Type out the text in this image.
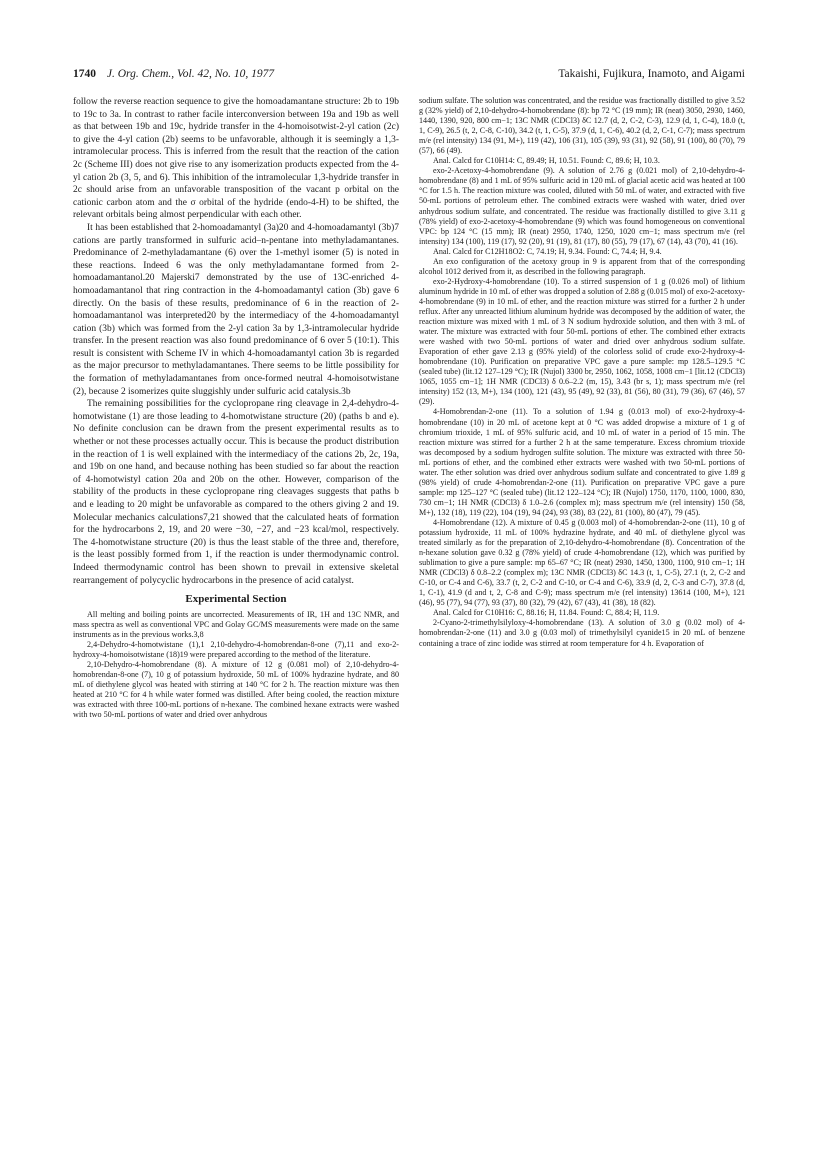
1740 J. Org. Chem., Vol. 42, No. 10, 1977	Takaishi, Fujikura, Inamoto, and Aigami

follow the reverse reaction sequence to give the homoadamantane structure: 2b to 19b to 19c to 3a. In contrast to rather facile interconversion between 19a and 19b as well as that between 19b and 19c, hydride transfer in the 4-homoisotwist-2-yl cation (2c) to give the 4-yl cation (2b) seems to be unfavorable, although it is seemingly a 1,3-intramolecular process. This is inferred from the result that the reaction of the cation 2c (Scheme III) does not give rise to any isomerization products expected from the 4-yl cation 2b (3, 5, and 6). This inhibition of the intramolecular 1,3-hydride transfer in 2c should arise from an unfavorable transposition of the vacant p orbital on the cationic carbon atom and the σ orbital of the hydride (endo-4-H) to be shifted, the relevant orbitals being almost perpendicular with each other.

It has been established that 2-homoadamantyl (3a)20 and 4-homoadamantyl (3b)7 cations are partly transformed in sulfuric acid–n-pentane into methyladamantanes. Predominance of 2-methyladamantane (6) over the 1-methyl isomer (5) is noted in these reactions. Indeed 6 was the only methyladamantane formed from 2-homoadamantanol.20 Majerski7 demonstrated by the use of 13C-enriched 4-homoadamantanol that ring contraction in the 4-homoadamantyl cation (3b) gave 6 directly. On the basis of these results, predominance of 6 in the reaction of 2-homoadamantanol was interpreted20 by the intermediacy of the 4-homoadamantyl cation (3b) which was formed from the 2-yl cation 3a by 1,3-intramolecular hydride transfer. In the present reaction was also found predominance of 6 over 5 (10:1). This result is consistent with Scheme IV in which 4-homoadamantyl cation 3b is regarded as the major precursor to methyladamantanes. There seems to be little possibility for the formation of methyladamantanes from once-formed neutral 4-homoisotwistane (2), because 2 isomerizes quite sluggishly under sulfuric acid catalysis.3b

The remaining possibilities for the cyclopropane ring cleavage in 2,4-dehydro-4-homotwistane (1) are those leading to 4-homotwistane structure (20) (paths b and e). No definite conclusion can be drawn from the present experimental results as to whether or not these processes actually occur. This is because the product distribution in the reaction of 1 is well explained with the intermediacy of the cations 2b, 2c, 19a, and 19b on one hand, and because nothing has been studied so far about the reaction of 4-homotwistyl cation 20a and 20b on the other. However, comparison of the stability of the products in these cyclopropane ring cleavages suggests that paths b and e leading to 20 might be unfavorable as compared to the others giving 2 and 19. Molecular mechanics calculations7,21 showed that the calculated heats of formation for the hydrocarbons 2, 19, and 20 were −30, −27, and −23 kcal/mol, respectively. The 4-homotwistane structure (20) is thus the least stable of the three and, therefore, is the least possibly formed from 1, if the reaction is under thermodynamic control. Indeed thermodynamic control has been shown to prevail in extensive skeletal rearrangement of polycyclic hydrocarbons in the presence of acid catalyst.

Experimental Section

All melting and boiling points are uncorrected. Measurements of IR, 1H and 13C NMR, and mass spectra as well as conventional VPC and Golay GC/MS measurements were made on the same instruments as in the previous works.3,8

2,4-Dehydro-4-homotwistane (1),1 2,10-dehydro-4-homobrendan-8-one (7),11 and exo-2-hydroxy-4-homoisotwistane (18)19 were prepared according to the method of the literature.

2,10-Dehydro-4-homobrendane (8). A mixture of 12 g (0.081 mol) of 2,10-dehydro-4-homobrendan-8-one (7), 10 g of potassium hydroxide, 50 mL of 100% hydrazine hydrate, and 80 mL of diethylene glycol was heated with stirring at 140 °C for 2 h. The reaction mixture was then heated at 210 °C for 4 h while water formed was distilled. After being cooled, the reaction mixture was extracted with three 100-mL portions of n-hexane. The combined hexane extracts were washed with two 50-mL portions of water and dried over anhydrous

sodium sulfate. The solution was concentrated, and the residue was fractionally distilled to give 3.52 g (32% yield) of 2,10-dehydro-4-homobrendane (8): bp 72 °C (19 mm); IR (neat) 3050, 2930, 1460, 1440, 1390, 920, 800 cm−1; 13C NMR (CDCl3) δC 12.7 (d, 2, C-2, C-3), 12.9 (d, 1, C-4), 18.0 (t, 1, C-9), 26.5 (t, 2, C-8, C-10), 34.2 (t, 1, C-5), 37.9 (d, 1, C-6), 40.2 (d, 2, C-1, C-7); mass spectrum m/e (rel intensity) 134 (91, M+), 119 (42), 106 (31), 105 (39), 93 (31), 92 (58), 91 (100), 80 (70), 79 (57), 66 (49).

Anal. Calcd for C10H14: C, 89.49; H, 10.51. Found: C, 89.6; H, 10.3.

exo-2-Acetoxy-4-homobrendane (9). A solution of 2.76 g (0.021 mol) of 2,10-dehydro-4-homobrendane (8) and 1 mL of 95% sulfuric acid in 120 mL of glacial acetic acid was heated at 100 °C for 1.5 h. The reaction mixture was cooled, diluted with 50 mL of water, and extracted with five 50-mL portions of petroleum ether. The combined extracts were washed with water, dried over anhydrous sodium sulfate, and concentrated. The residue was fractionally distilled to give 3.11 g (78% yield) of exo-2-acetoxy-4-homobrendane (9) which was found homogeneous on conventional VPC: bp 124 °C (15 mm); IR (neat) 2950, 1740, 1250, 1020 cm−1; mass spectrum m/e (rel intensity) 134 (100), 119 (17), 92 (20), 91 (19), 81 (17), 80 (55), 79 (17), 67 (14), 43 (70), 41 (16).

Anal. Calcd for C12H18O2: C, 74.19; H, 9.34. Found: C, 74.4; H, 9.4.

An exo configuration of the acetoxy group in 9 is apparent from that of the corresponding alcohol 1012 derived from it, as described in the following paragraph.

exo-2-Hydroxy-4-homobrendane (10). To a stirred suspension of 1 g (0.026 mol) of lithium aluminum hydride in 10 mL of ether was dropped a solution of 2.88 g (0.015 mol) of exo-2-acetoxy-4-homobrendane (9) in 10 mL of ether, and the reaction mixture was stirred for a further 2 h under reflux. After any unreacted lithium aluminum hydride was decomposed by the addition of water, the reaction mixture was mixed with 1 mL of 3 N sodium hydroxide solution, and then with 3 mL of water. The mixture was extracted with four 50-mL portions of ether. The combined ether extracts were washed with two 50-mL portions of water and dried over anhydrous sodium sulfate. Evaporation of ether gave 2.13 g (95% yield) of the colorless solid of crude exo-2-hydroxy-4-homobrendane (10). Purification on preparative VPC gave a pure sample: mp 128.5–129.5 °C (sealed tube) (lit.12 127–129 °C); IR (Nujol) 3300 br, 2950, 1062, 1058, 1008 cm−1 [lit.12 (CDCl3) 1065, 1055 cm−1]; 1H NMR (CDCl3) δ 0.6–2.2 (m, 15), 3.43 (br s, 1); mass spectrum m/e (rel intensity) 152 (13, M+), 134 (100), 121 (43), 95 (49), 92 (33), 81 (56), 80 (31), 79 (36), 67 (46), 57 (29).

4-Homobrendan-2-one (11). To a solution of 1.94 g (0.013 mol) of exo-2-hydroxy-4-homobrendane (10) in 20 mL of acetone kept at 0 °C was added dropwise a mixture of 1 g of chromium trioxide, 1 mL of 95% sulfuric acid, and 10 mL of water in a period of 15 min. The reaction mixture was stirred for a further 2 h at the same temperature. Excess chromium trioxide was decomposed by a sodium hydrogen sulfite solution. The mixture was extracted with three 50-mL portions of ether, and the combined ether extracts were washed with two 50-mL portions of water. The ether solution was dried over anhydrous sodium sulfate and concentrated to give 1.89 g (98% yield) of crude 4-homobrendan-2-one (11). Purification on preparative VPC gave a pure sample: mp 125–127 °C (sealed tube) (lit.12 122–124 °C); IR (Nujol) 1750, 1170, 1100, 1000, 830, 730 cm−1; 1H NMR (CDCl3) δ 1.0–2.6 (complex m); mass spectrum m/e (rel intensity) 150 (58, M+), 132 (18), 119 (22), 104 (19), 94 (24), 93 (38), 83 (22), 81 (100), 80 (47), 79 (45).

4-Homobrendane (12). A mixture of 0.45 g (0.003 mol) of 4-homobrendan-2-one (11), 10 g of potassium hydroxide, 11 mL of 100% hydrazine hydrate, and 40 mL of diethylene glycol was treated similarly as for the preparation of 2,10-dehydro-4-homobrendane (8). Concentration of the n-hexane solution gave 0.32 g (78% yield) of crude 4-homobrendane (12), which was purified by sublimation to give a pure sample: mp 65–67 °C; IR (neat) 2930, 1450, 1300, 1100, 910 cm−1; 1H NMR (CDCl3) δ 0.8–2.2 (complex m); 13C NMR (CDCl3) δC 14.3 (t, 1, C-5), 27.1 (t, 2, C-2 and C-10, or C-4 and C-6), 33.7 (t, 2, C-2 and C-10, or C-4 and C-6), 33.9 (d, 2, C-3 and C-7), 37.8 (d, 1, C-1), 41.9 (d and t, 2, C-8 and C-9); mass spectrum m/e (rel intensity) 13614 (100, M+), 121 (46), 95 (77), 94 (77), 93 (37), 80 (32), 79 (42), 67 (43), 41 (38), 18 (82).

Anal. Calcd for C10H16: C, 88.16; H, 11.84. Found: C, 88.4; H, 11.9.

2-Cyano-2-trimethylsilyloxy-4-homobrendane (13). A solution of 3.0 g (0.02 mol) of 4-homobrendan-2-one (11) and 3.0 g (0.03 mol) of trimethylsilyl cyanide15 in 20 mL of benzene containing a trace of zinc iodide was stirred at room temperature for 4 h. Evaporation of
